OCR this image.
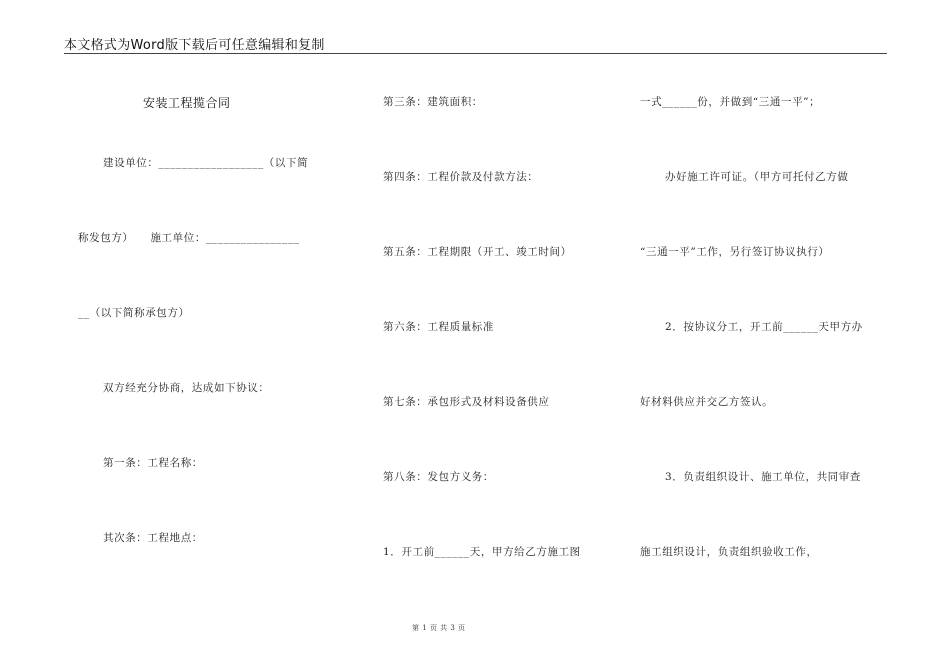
本文格式为Word版下载后可任意编辑和复制
安装工程揽合同
建设单位：__________________（以下简
称发包方）　　施工单位：________________
__（以下简称承包方）
双方经充分协商，达成如下协议：
第一条：工程名称：
其次条：工程地点：
第三条：建筑面积：
第四条：工程价款及付款方法：
第五条：工程期限（开工、竣工时间）
第六条：工程质量标准
第七条：承包形式及材料设备供应
第八条：发包方义务：
1．开工前______天，甲方给乙方施工图
一式______份，并做到“三通一平”；
办好施工许可证。（甲方可托付乙方做
“三通一平”工作，另行签订协议执行）
2．按协议分工，开工前______天甲方办
好材料供应并交乙方签认。
3．负责组织设计、施工单位，共同审查
施工组织设计，负责组织验收工作，
第 1 页 共 3 页
